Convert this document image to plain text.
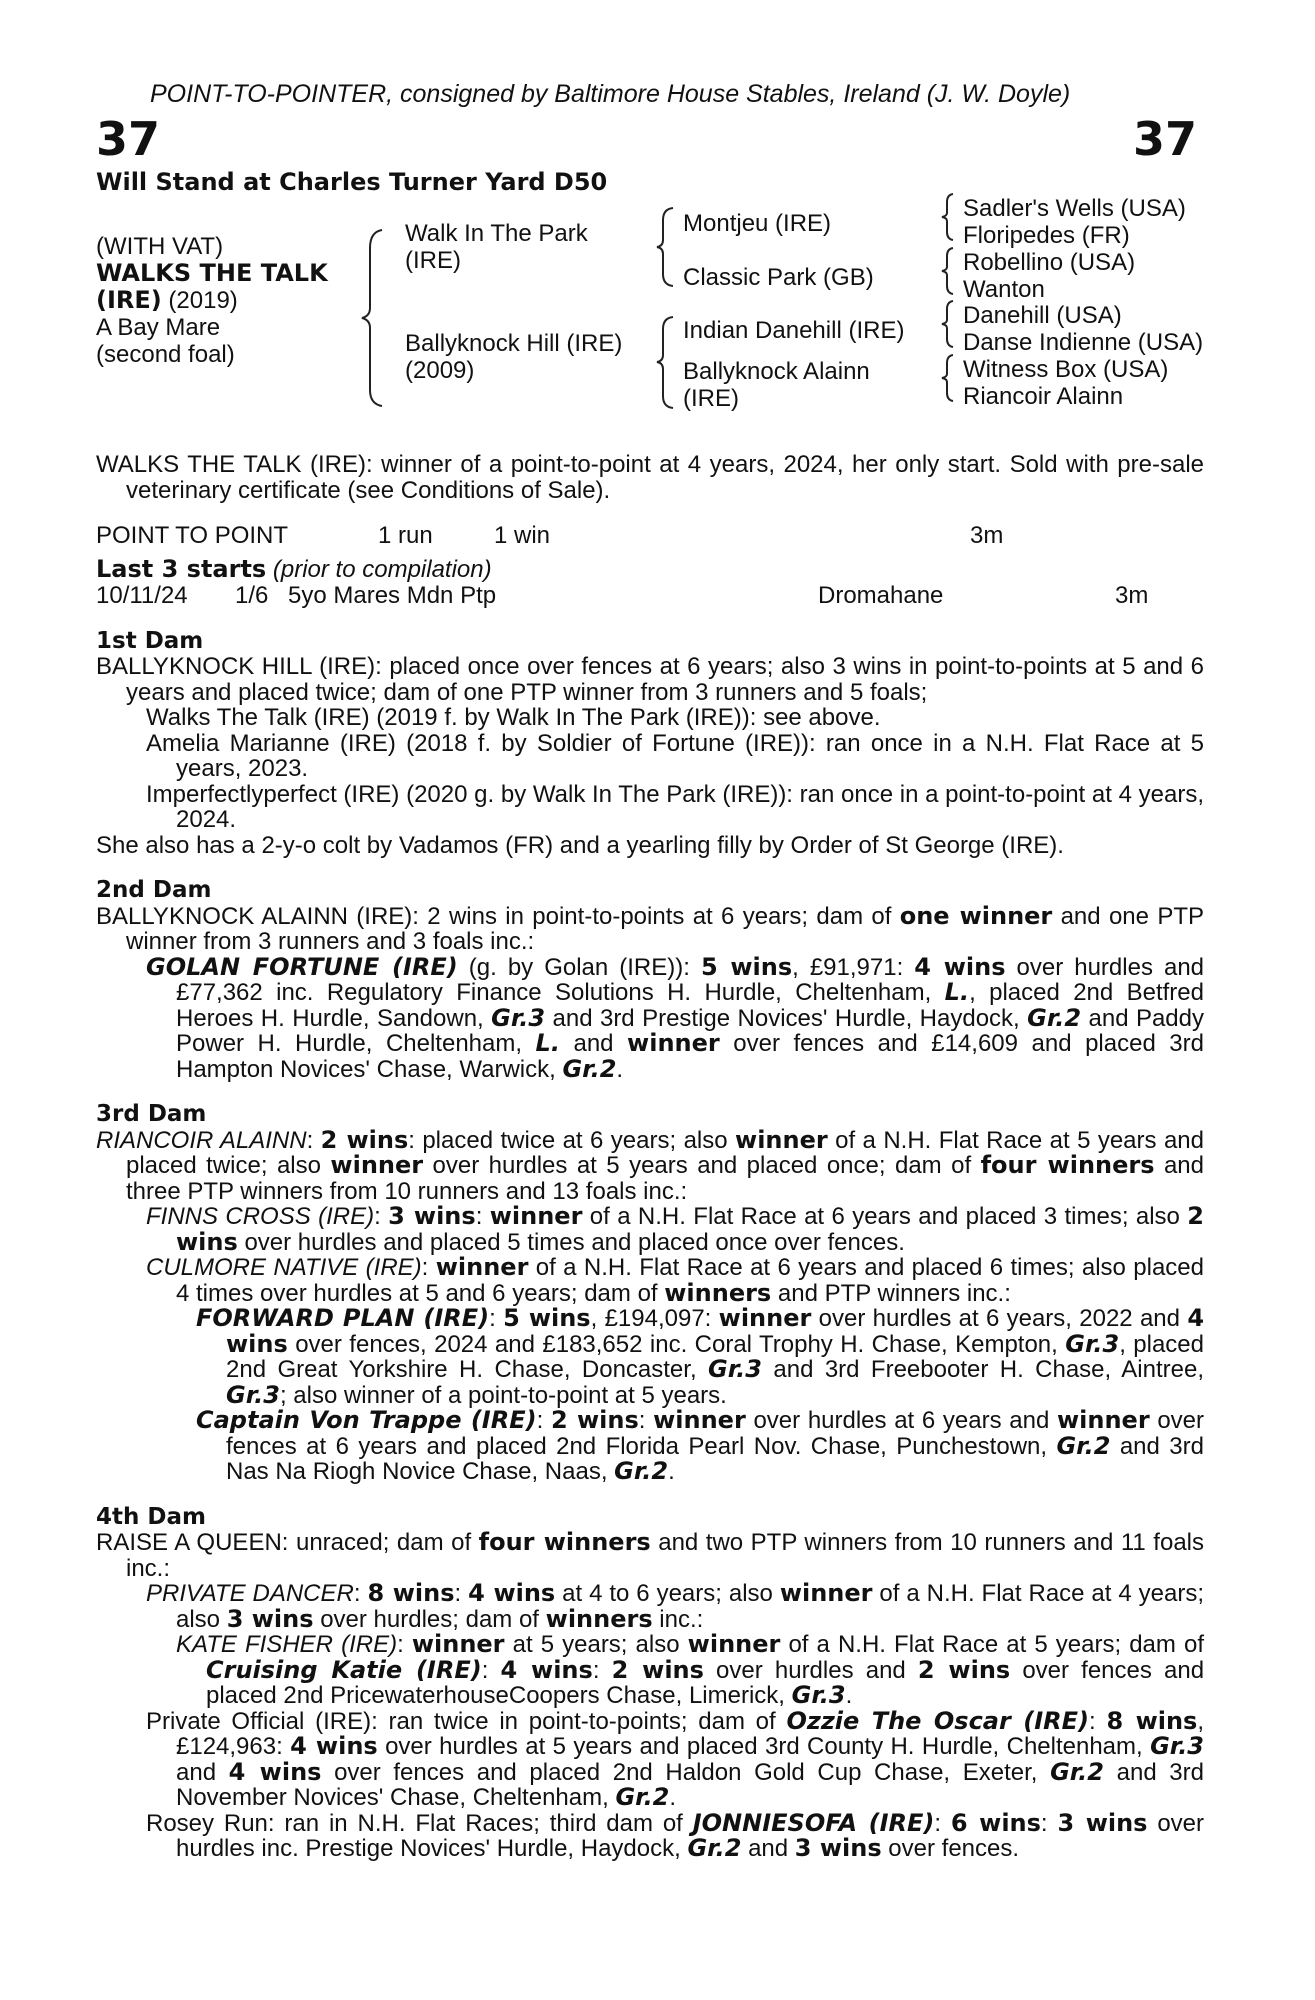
POINT-TO-POINTER, consigned by Baltimore House Stables, Ireland (J. W. Doyle)
37	37
Will Stand at Charles Turner Yard D50
(WITH VAT)
WALKS THE TALK
(IRE) (2019)
A Bay Mare
(second foal)
Walk In The Park
(IRE)
Ballyknock Hill (IRE)
(2009)
Montjeu (IRE)
Classic Park (GB)
Indian Danehill (IRE)
Ballyknock Alainn
(IRE)
Sadler's Wells (USA)
Floripedes (FR)
Robellino (USA)
Wanton
Danehill (USA)
Danse Indienne (USA)
Witness Box (USA)
Riancoir Alainn

WALKS THE TALK (IRE): winner of a point-to-point at 4 years, 2024, her only start. Sold with pre-sale veterinary certificate (see Conditions of Sale).

POINT TO POINT	1 run	1 win	3m
Last 3 starts (prior to compilation)
10/11/24 1/6 5yo Mares Mdn Ptp	Dromahane	3m

1st Dam

BALLYKNOCK HILL (IRE): placed once over fences at 6 years; also 3 wins in point-to-points at 5 and 6 years and placed twice; dam of one PTP winner from 3 runners and 5 foals;

Walks The Talk (IRE) (2019 f. by Walk In The Park (IRE)): see above.

Amelia Marianne (IRE) (2018 f. by Soldier of Fortune (IRE)): ran once in a N.H. Flat Race at 5 years, 2023.

Imperfectlyperfect (IRE) (2020 g. by Walk In The Park (IRE)): ran once in a point-to-point at 4 years, 2024.

She also has a 2-y-o colt by Vadamos (FR) and a yearling filly by Order of St George (IRE).

2nd Dam

BALLYKNOCK ALAINN (IRE): 2 wins in point-to-points at 6 years; dam of one winner and one PTP winner from 3 runners and 3 foals inc.:

GOLAN FORTUNE (IRE) (g. by Golan (IRE)): 5 wins, £91,971: 4 wins over hurdles and £77,362 inc. Regulatory Finance Solutions H. Hurdle, Cheltenham, L., placed 2nd Betfred Heroes H. Hurdle, Sandown, Gr.3 and 3rd Prestige Novices' Hurdle, Haydock, Gr.2 and Paddy Power H. Hurdle, Cheltenham, L. and winner over fences and £14,609 and placed 3rd Hampton Novices' Chase, Warwick, Gr.2.

3rd Dam

RIANCOIR ALAINN: 2 wins: placed twice at 6 years; also winner of a N.H. Flat Race at 5 years and placed twice; also winner over hurdles at 5 years and placed once; dam of four winners and three PTP winners from 10 runners and 13 foals inc.:

FINNS CROSS (IRE): 3 wins: winner of a N.H. Flat Race at 6 years and placed 3 times; also 2 wins over hurdles and placed 5 times and placed once over fences.

CULMORE NATIVE (IRE): winner of a N.H. Flat Race at 6 years and placed 6 times; also placed 4 times over hurdles at 5 and 6 years; dam of winners and PTP winners inc.:

FORWARD PLAN (IRE): 5 wins, £194,097: winner over hurdles at 6 years, 2022 and 4 wins over fences, 2024 and £183,652 inc. Coral Trophy H. Chase, Kempton, Gr.3, placed 2nd Great Yorkshire H. Chase, Doncaster, Gr.3 and 3rd Freebooter H. Chase, Aintree, Gr.3; also winner of a point-to-point at 5 years.

Captain Von Trappe (IRE): 2 wins: winner over hurdles at 6 years and winner over fences at 6 years and placed 2nd Florida Pearl Nov. Chase, Punchestown, Gr.2 and 3rd Nas Na Riogh Novice Chase, Naas, Gr.2.

4th Dam

RAISE A QUEEN: unraced; dam of four winners and two PTP winners from 10 runners and 11 foals inc.:

PRIVATE DANCER: 8 wins: 4 wins at 4 to 6 years; also winner of a N.H. Flat Race at 4 years; also 3 wins over hurdles; dam of winners inc.:

KATE FISHER (IRE): winner at 5 years; also winner of a N.H. Flat Race at 5 years; dam of Cruising Katie (IRE): 4 wins: 2 wins over hurdles and 2 wins over fences and placed 2nd PricewaterhouseCoopers Chase, Limerick, Gr.3.

Private Official (IRE): ran twice in point-to-points; dam of Ozzie The Oscar (IRE): 8 wins, £124,963: 4 wins over hurdles at 5 years and placed 3rd County H. Hurdle, Cheltenham, Gr.3 and 4 wins over fences and placed 2nd Haldon Gold Cup Chase, Exeter, Gr.2 and 3rd November Novices' Chase, Cheltenham, Gr.2.

Rosey Run: ran in N.H. Flat Races; third dam of JONNIESOFA (IRE): 6 wins: 3 wins over hurdles inc. Prestige Novices' Hurdle, Haydock, Gr.2 and 3 wins over fences.
